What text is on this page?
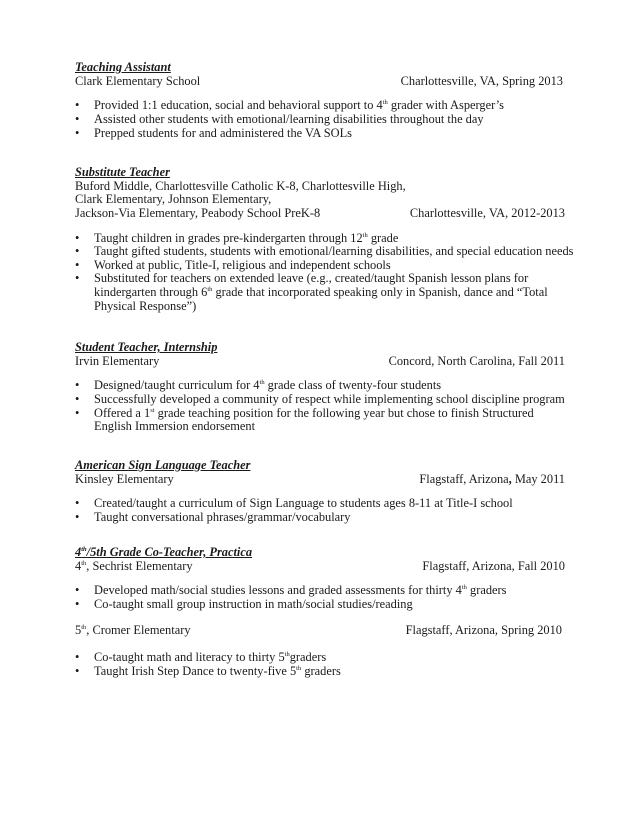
Teaching Assistant
Clark Elementary School	Charlottesville, VA, Spring 2013
• Provided 1:1 education, social and behavioral support to 4th grader with Asperger’s
• Assisted other students with emotional/learning disabilities throughout the day
• Prepped students for and administered the VA SOLs
Substitute Teacher
Buford Middle, Charlottesville Catholic K-8, Charlottesville High,
Clark Elementary, Johnson Elementary,
Jackson-Via Elementary, Peabody School PreK-8	Charlottesville, VA, 2012-2013
• Taught children in grades pre-kindergarten through 12th grade
• Taught gifted students, students with emotional/learning disabilities, and special education needs
• Worked at public, Title-I, religious and independent schools
• Substituted for teachers on extended leave (e.g., created/taught Spanish lesson plans for
kindergarten through 6th grade that incorporated speaking only in Spanish, dance and “Total
Physical Response”)
Student Teacher, Internship
Irvin Elementary	Concord, North Carolina, Fall 2011
• Designed/taught curriculum for 4th grade class of twenty-four students
• Successfully developed a community of respect while implementing school discipline program
• Offered a 1st grade teaching position for the following year but chose to finish Structured
English Immersion endorsement
American Sign Language Teacher
Kinsley Elementary	Flagstaff, Arizona, May 2011
• Created/taught a curriculum of Sign Language to students ages 8-11 at Title-I school
• Taught conversational phrases/grammar/vocabulary
4th/5th Grade Co-Teacher, Practica
4th, Sechrist Elementary	Flagstaff, Arizona, Fall 2010
• Developed math/social studies lessons and graded assessments for thirty 4th graders
• Co-taught small group instruction in math/social studies/reading
5th, Cromer Elementary	Flagstaff, Arizona, Spring 2010
• Co-taught math and literacy to thirty 5thgraders
• Taught Irish Step Dance to twenty-five 5th graders
